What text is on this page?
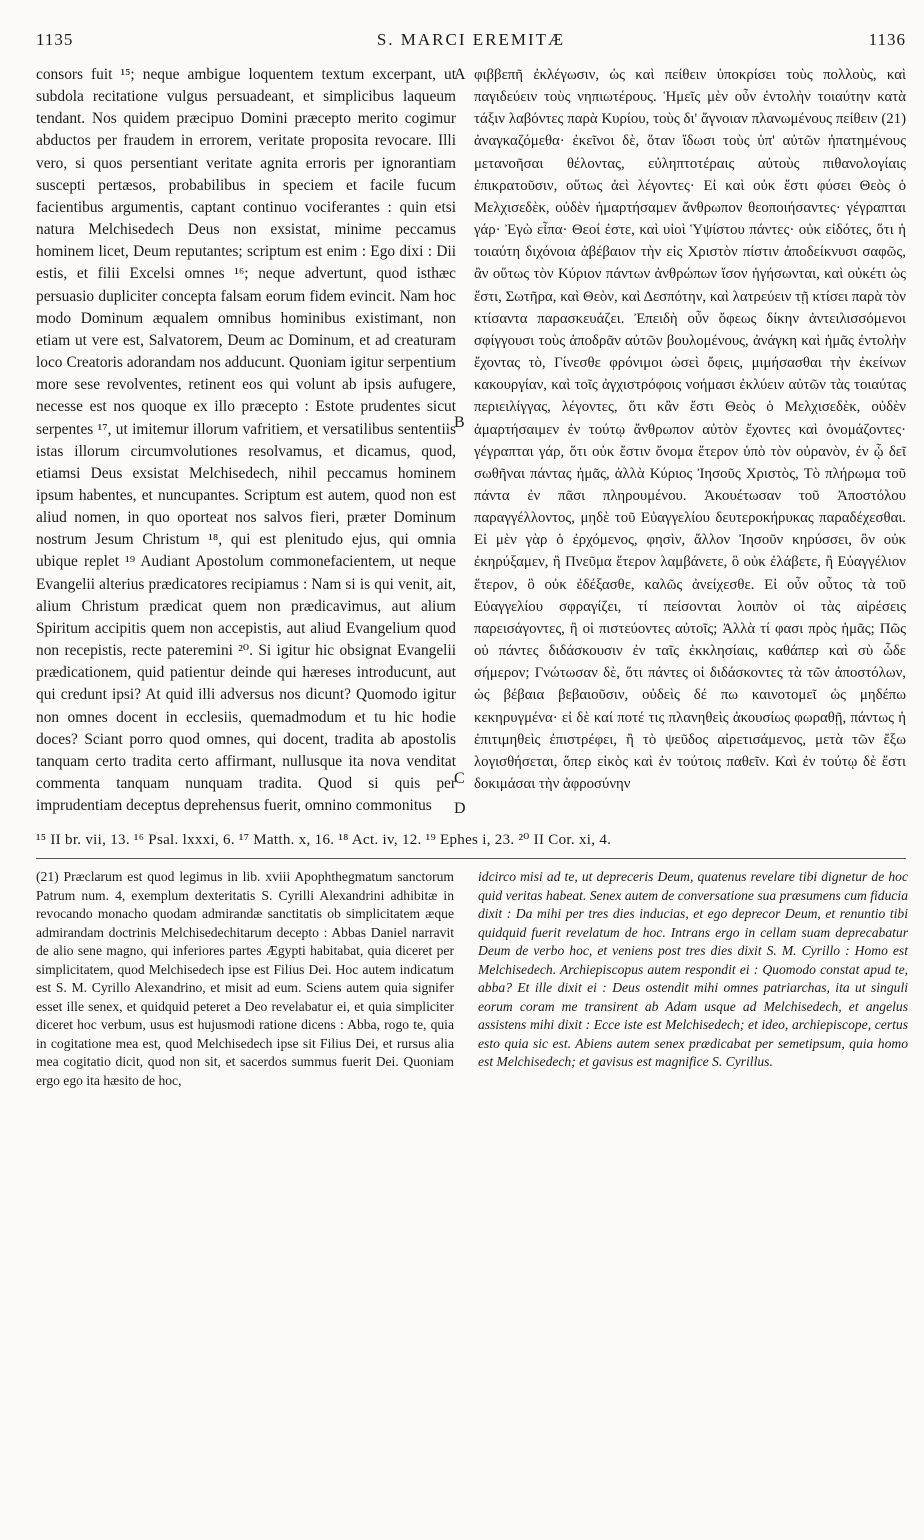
1135	S. MARCI EREMITÆ	1136

consors fuit ¹⁵; neque ambigue loquentem textum excerpant, ut subdola recitatione vulgus persuadeant, et simplicibus laqueum tendant. Nos quidem præcipuo Domini præcepto merito cogimur abductos per fraudem in errorem, veritate proposita revocare. Illi vero, si quos persentiant veritate agnita erroris per ignorantiam suscepti pertæsos, probabilibus in speciem et facile fucum facientibus argumentis, captant continuo vociferantes : quin etsi natura Melchisedech Deus non exsistat, minime peccamus hominem licet, Deum reputantes; scriptum est enim : Ego dixi : Dii estis, et filii Excelsi omnes ¹⁶; neque advertunt, quod isthæc persuasio dupliciter concepta falsam eorum fidem evincit. Nam hoc modo Dominum æqualem omnibus hominibus existimant, non etiam ut vere est, Salvatorem, Deum ac Dominum, et ad creaturam loco Creatoris adorandam nos adducunt. Quoniam igitur serpentium more sese revolventes, retinent eos qui volunt ab ipsis aufugere, necesse est nos quoque ex illo præcepto : Estote prudentes sicut serpentes ¹⁷, ut imitemur illorum vafritiem, et versatilibus sententiis istas illorum circumvolutiones resolvamus, et dicamus, quod, etiamsi Deus exsistat Melchisedech, nihil peccamus hominem ipsum habentes, et nuncupantes. Scriptum est autem, quod non est aliud nomen, in quo oporteat nos salvos fieri, præter Dominum nostrum Jesum Christum ¹⁸, qui est plenitudo ejus, qui omnia ubique replet ¹⁹ Audiant Apostolum commonefacientem, ut neque Evangelii alterius prædicatores recipiamus : Nam si is qui venit, ait, alium Christum prædicat quem non prædicavimus, aut alium Spiritum accipitis quem non accepistis, aut aliud Evangelium quod non recepistis, recte pateremini ²⁰. Si igitur hic obsignat Evangelii prædicationem, quid patientur deinde qui hæreses introducunt, aut qui credunt ipsi? At quid illi adversus nos dicunt? Quomodo igitur non omnes docent in ecclesiis, quemadmodum et tu hic hodie doces? Sciant porro quod omnes, qui docent, tradita ab apostolis tanquam certo tradita certo affirmant, nullusque ita nova venditat commenta tanquam nunquam tradita. Quod si quis per imprudentiam deceptus deprehensus fuerit, omnino commonitus

A
B
C
D

φιββεπῆ ἐκλέγωσιν, ὡς καὶ πείθειν ὑποκρίσει τοὺς πολλοὺς, καὶ παγιδεύειν τοὺς νηπιωτέρους. Ἡμεῖς μὲν οὖν ἐντολὴν τοιαύτην κατὰ τάξιν λαβόντες παρὰ Κυρίου, τοὺς δι' ἄγνοιαν πλανωμένους πείθειν (21) ἀναγκαζόμεθα· ἐκεῖνοι δὲ, ὅταν ἴδωσι τοὺς ὑπ' αὐτῶν ἠπατημένους μετανοῆσαι θέλοντας, εὐληπτοτέραις αὐτοὺς πιθανολογίαις ἐπικρατοῦσιν, οὕτως ἀεὶ λέγοντες· Εἰ καὶ οὐκ ἔστι φύσει Θεὸς ὁ Μελχισεδὲκ, οὐδὲν ἡμαρτήσαμεν ἄνθρωπον θεοποιήσαντες· γέγραπται γάρ· Ἐγὼ εἶπα· Θεοί ἐστε, καὶ υἱοὶ Ὑψίστου πάντες· οὐκ εἰδότες, ὅτι ἡ τοιαύτη διχόνοια ἀβέβαιον τὴν εἰς Χριστὸν πίστιν ἀποδείκνυσι σαφῶς, ἂν οὕτως τὸν Κύριον πάντων ἀνθρώπων ἴσον ἡγήσωνται, καὶ οὐκέτι ὡς ἔστι, Σωτῆρα, καὶ Θεὸν, καὶ Δεσπότην, καὶ λατρεύειν τῇ κτίσει παρὰ τὸν κτίσαντα παρασκευάζει. Ἐπειδὴ οὖν ὄφεως δίκην ἀντειλισσόμενοι σφίγγουσι τοὺς ἀποδρᾶν αὐτῶν βουλομένους, ἀνάγκη καὶ ἡμᾶς ἐντολὴν ἔχοντας τὸ, Γίνεσθε φρόνιμοι ὡσεὶ ὄφεις, μιμήσασθαι τὴν ἐκείνων κακουργίαν, καὶ τοῖς ἀγχιστρόφοις νοήμασι ἐκλύειν αὐτῶν τὰς τοιαύτας περιειλίγγας, λέγοντες, ὅτι κἂν ἔστι Θεὸς ὁ Μελχισεδὲκ, οὐδὲν ἁμαρτήσαιμεν ἐν τούτῳ ἄνθρωπον αὐτὸν ἔχοντες καὶ ὀνομάζοντες· γέγραπται γάρ, ὅτι οὐκ ἔστιν ὄνομα ἕτερον ὑπὸ τὸν οὐρανὸν, ἐν ᾧ δεῖ σωθῆναι πάντας ἡμᾶς, ἀλλὰ Κύριος Ἰησοῦς Χριστὸς, Τὸ πλήρωμα τοῦ πάντα ἐν πᾶσι πληρουμένου. Ἀκουέτωσαν τοῦ Ἀποστόλου παραγγέλλοντος, μηδὲ τοῦ Εὐαγγελίου δευτεροκήρυκας παραδέχεσθαι. Εἰ μὲν γὰρ ὁ ἐρχόμενος, φησὶν, ἄλλον Ἰησοῦν κηρύσσει, ὃν οὐκ ἐκηρύξαμεν, ἢ Πνεῦμα ἕτερον λαμβάνετε, ὃ οὐκ ἐλάβετε, ἢ Εὐαγγέλιον ἕτερον, ὃ οὐκ ἐδέξασθε, καλῶς ἀνείχεσθε. Εἰ οὖν οὗτος τὰ τοῦ Εὐαγγελίου σφραγίζει, τί πείσονται λοιπὸν οἱ τὰς αἱρέσεις παρεισάγοντες, ἢ οἱ πιστεύοντες αὐτοῖς; Ἀλλὰ τί φασι πρὸς ἡμᾶς; Πῶς οὐ πάντες διδάσκουσιν ἐν ταῖς ἐκκλησίαις, καθάπερ καὶ σὺ ὧδε σήμερον; Γνώτωσαν δὲ, ὅτι πάντες οἱ διδάσκοντες τὰ τῶν ἀποστόλων, ὡς βέβαια βεβαιοῦσιν, οὐδεὶς δέ πω καινοτομεῖ ὡς μηδέπω κεκηρυγμένα· εἰ δὲ καί ποτέ τις πλανηθεὶς ἀκουσίως φωραθῇ, πάντως ἡ ἐπιτιμηθεὶς ἐπιστρέφει, ἢ τὸ ψεῦδος αἱρετισάμενος, μετὰ τῶν ἔξω λογισθήσεται, ὅπερ εἰκὸς καὶ ἐν τούτοις παθεῖν. Καὶ ἐν τούτῳ δὲ ἔστι δοκιμάσαι τὴν ἀφροσύνην

¹⁵ II br. vii, 13. ¹⁶ Psal. lxxxi, 6. ¹⁷ Matth. x, 16. ¹⁸ Act. iv, 12. ¹⁹ Ephes i, 23. ²⁰ II Cor. xi, 4.
(21) Præclarum est quod legimus in lib. xviii Apophthegmatum sanctorum Patrum num. 4, exemplum dexteritatis S. Cyrilli Alexandrini adhibitæ in revocando monacho quodam admirandæ sanctitatis ob simplicitatem æque admirandam doctrinis Melchisedechitarum decepto : Abbas Daniel narravit de alio sene magno, qui inferiores partes Ægypti habitabat, quia diceret per simplicitatem, quod Melchisedech ipse est Filius Dei. Hoc autem indicatum est S. M. Cyrillo Alexandrino, et misit ad eum. Sciens autem quia signifer esset ille senex, et quidquid peteret a Deo revelabatur ei, et quia simpliciter diceret hoc verbum, usus est hujusmodi ratione dicens : Abba, rogo te, quia in cogitatione mea est, quod Melchisedech ipse sit Filius Dei, et rursus alia mea cogitatio dicit, quod non sit, et sacerdos summus fuerit Dei. Quoniam ergo ego ita hæsito de hoc,
idcirco misi ad te, ut depreceris Deum, quatenus revelare tibi dignetur de hoc quid veritas habeat. Senex autem de conversatione sua præsumens cum fiducia dixit : Da mihi per tres dies inducias, et ego deprecor Deum, et renuntio tibi quidquid fuerit revelatum de hoc. Intrans ergo in cellam suam deprecabatur Deum de verbo hoc, et veniens post tres dies dixit S. M. Cyrillo : Homo est Melchisedech. Archiepiscopus autem respondit ei : Quomodo constat apud te, abba? Et ille dixit ei : Deus ostendit mihi omnes patriarchas, ita ut singuli eorum coram me transirent ab Adam usque ad Melchisedech, et angelus assistens mihi dixit : Ecce iste est Melchisedech; et ideo, archiepiscope, certus esto quia sic est. Abiens autem senex prædicabat per semetipsum, quia homo est Melchisedech; et gavisus est magnifice S. Cyrillus.
